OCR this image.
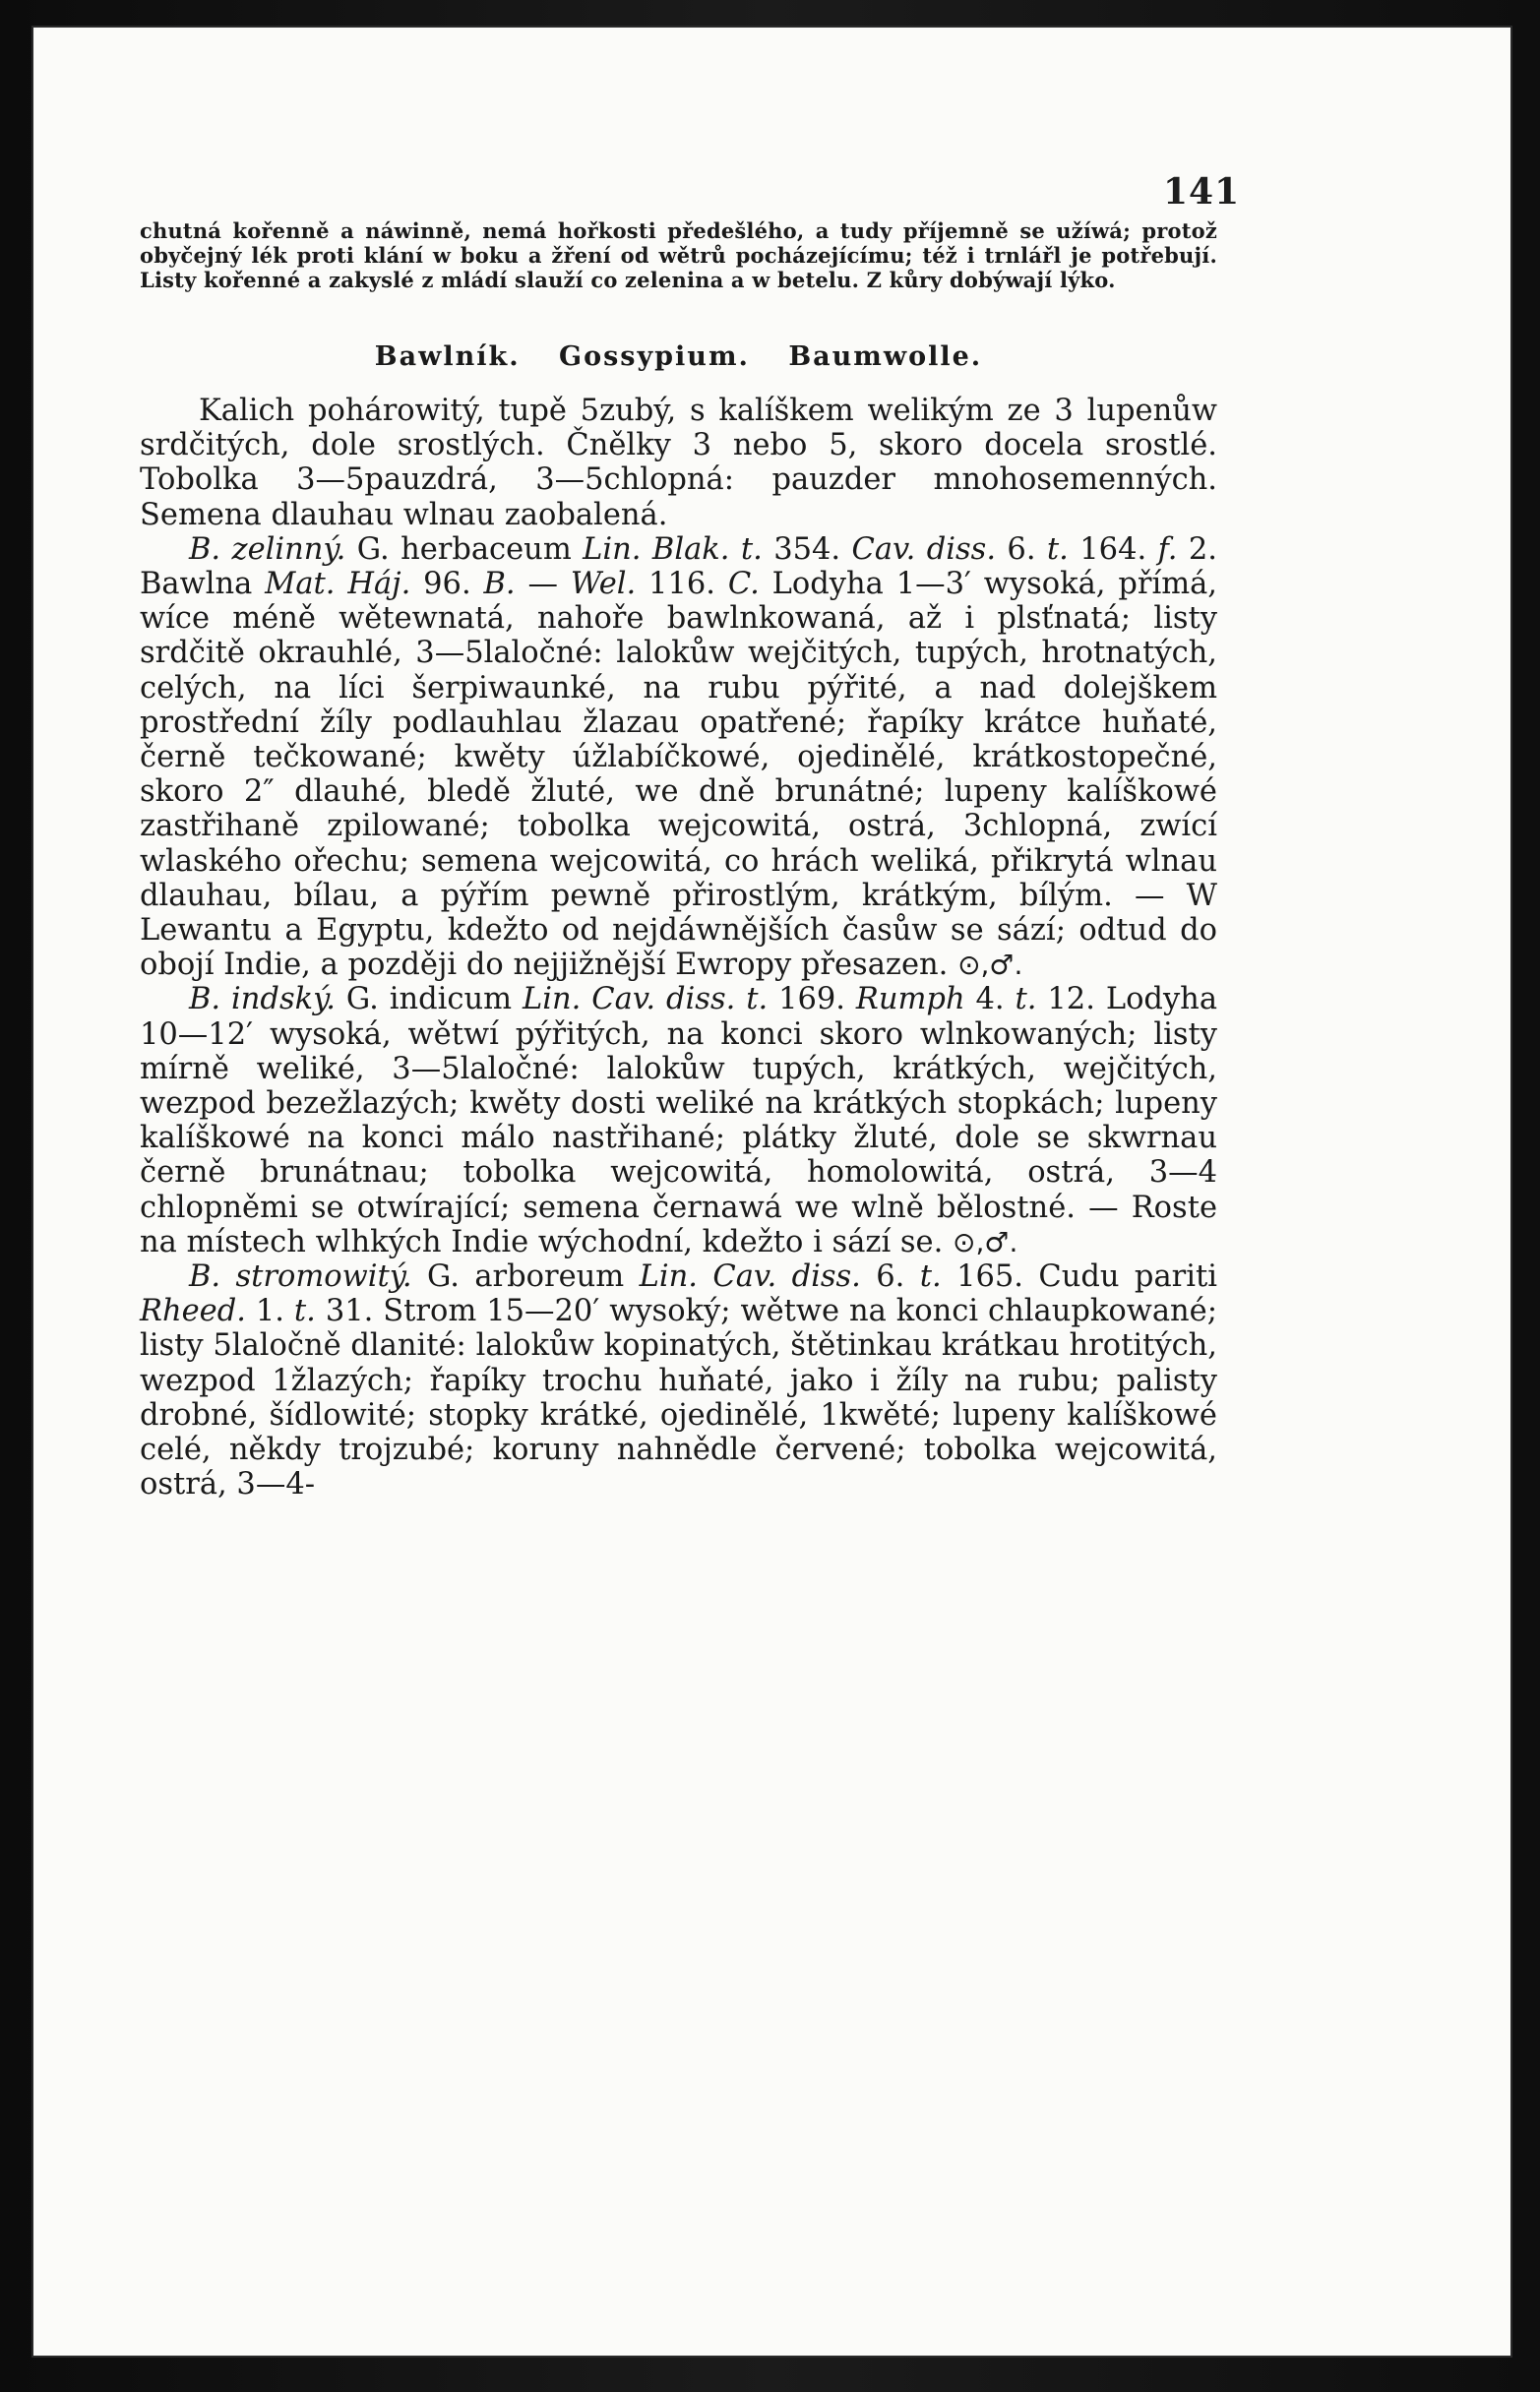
141

chutná kořenně a náwinně, nemá hořkosti předešlého, a tudy příjemně se užíwá; protož obyčejný lék proti klání w boku a žření od wětrů pocházejícímu; též i trnlářl je potřebují. Listy kořenné a zakyslé z mládí slauží co zelenina a w betelu. Z kůry dobýwají lýko.

Bawlník. Gossypium. Baumwolle.

Kalich pohárowitý, tupě 5zubý, s kalíškem welikým ze 3 lupenůw srdčitých, dole srostlých. Čnělky 3 nebo 5, skoro docela srostlé. Tobolka 3—5pauzdrá, 3—5chlopná: pauzder mnohosemenných. Semena dlauhau wlnau zaobalená.

B. zelinný. G. herbaceum Lin. Blak. t. 354. Cav. diss. 6. t. 164. f. 2. Bawlna Mat. Háj. 96. B. — Wel. 116. C. Lodyha 1—3′ wysoká, přímá, wíce méně wětewnatá, nahoře bawlnkowaná, až i plsťnatá; listy srdčitě okrauhlé, 3—5laločné: lalokůw wejčitých, tupých, hrotnatých, celých, na líci šerpiwaunké, na rubu pýřité, a nad dolejškem prostřední žíly podlauhlau žlazau opatřené; řapíky krátce huňaté, černě tečkowané; kwěty úžlabíčkowé, ojedinělé, krátkostopečné, skoro 2″ dlauhé, bledě žluté, we dně brunátné; lupeny kalíškowé zastřihaně zpilowané; tobolka wejcowitá, ostrá, 3chlopná, zwící wlaského ořechu; semena wejcowitá, co hrách weliká, přikrytá wlnau dlauhau, bílau, a pýřím pewně přirostlým, krátkým, bílým. — W Lewantu a Egyptu, kdežto od nejdáwnějších časůw se sází; odtud do obojí Indie, a později do nejjižnější Ewropy přesazen. ⊙,♂.

B. indský. G. indicum Lin. Cav. diss. t. 169. Rumph 4. t. 12. Lodyha 10—12′ wysoká, wětwí pýřitých, na konci skoro wlnkowaných; listy mírně weliké, 3—5laločné: lalokůw tupých, krátkých, wejčitých, wezpod bezežlazých; kwěty dosti weliké na krátkých stopkách; lupeny kalíškowé na konci málo nastřihané; plátky žluté, dole se skwrnau černě brunátnau; tobolka wejcowitá, homolowitá, ostrá, 3—4 chlopněmi se otwírající; semena černawá we wlně bělostné. — Roste na místech wlhkých Indie wýchodní, kdežto i sází se. ⊙,♂.

B. stromowitý. G. arboreum Lin. Cav. diss. 6. t. 165. Cudu pariti Rheed. 1. t. 31. Strom 15—20′ wysoký; wětwe na konci chlaupkowané; listy 5laločně dlanité: lalokůw kopinatých, štětinkau krátkau hrotitých, wezpod 1žlazých; řapíky trochu huňaté, jako i žíly na rubu; palisty drobné, šídlowité; stopky krátké, ojedinělé, 1kwěté; lupeny kalíškowé celé, někdy trojzubé; koruny nahnědle červené; tobolka wejcowitá, ostrá, 3—4-
